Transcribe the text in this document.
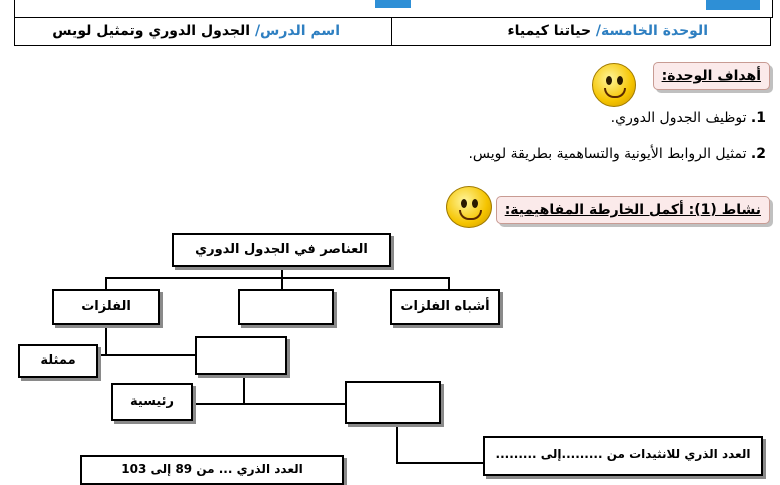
الوحدة الخامسة/ حياتنا كيمياء
اسم الدرس/ الجدول الدوري وتمثيل لويس
أهداف الوحدة:
1. توظيف الجدول الدوري.
2. تمثيل الروابط الأيونية والتساهمية بطريقة لويس.
نشاط (1): أكمل الخارطة المفاهيمية:
العناصر في الجدول الدوري
الفلزات	أشباه الفلزات
ممثلة
رئيسية
العدد الذري للانثيدات من .........إلى .........
العدد الذري ... من 89 إلى 103
